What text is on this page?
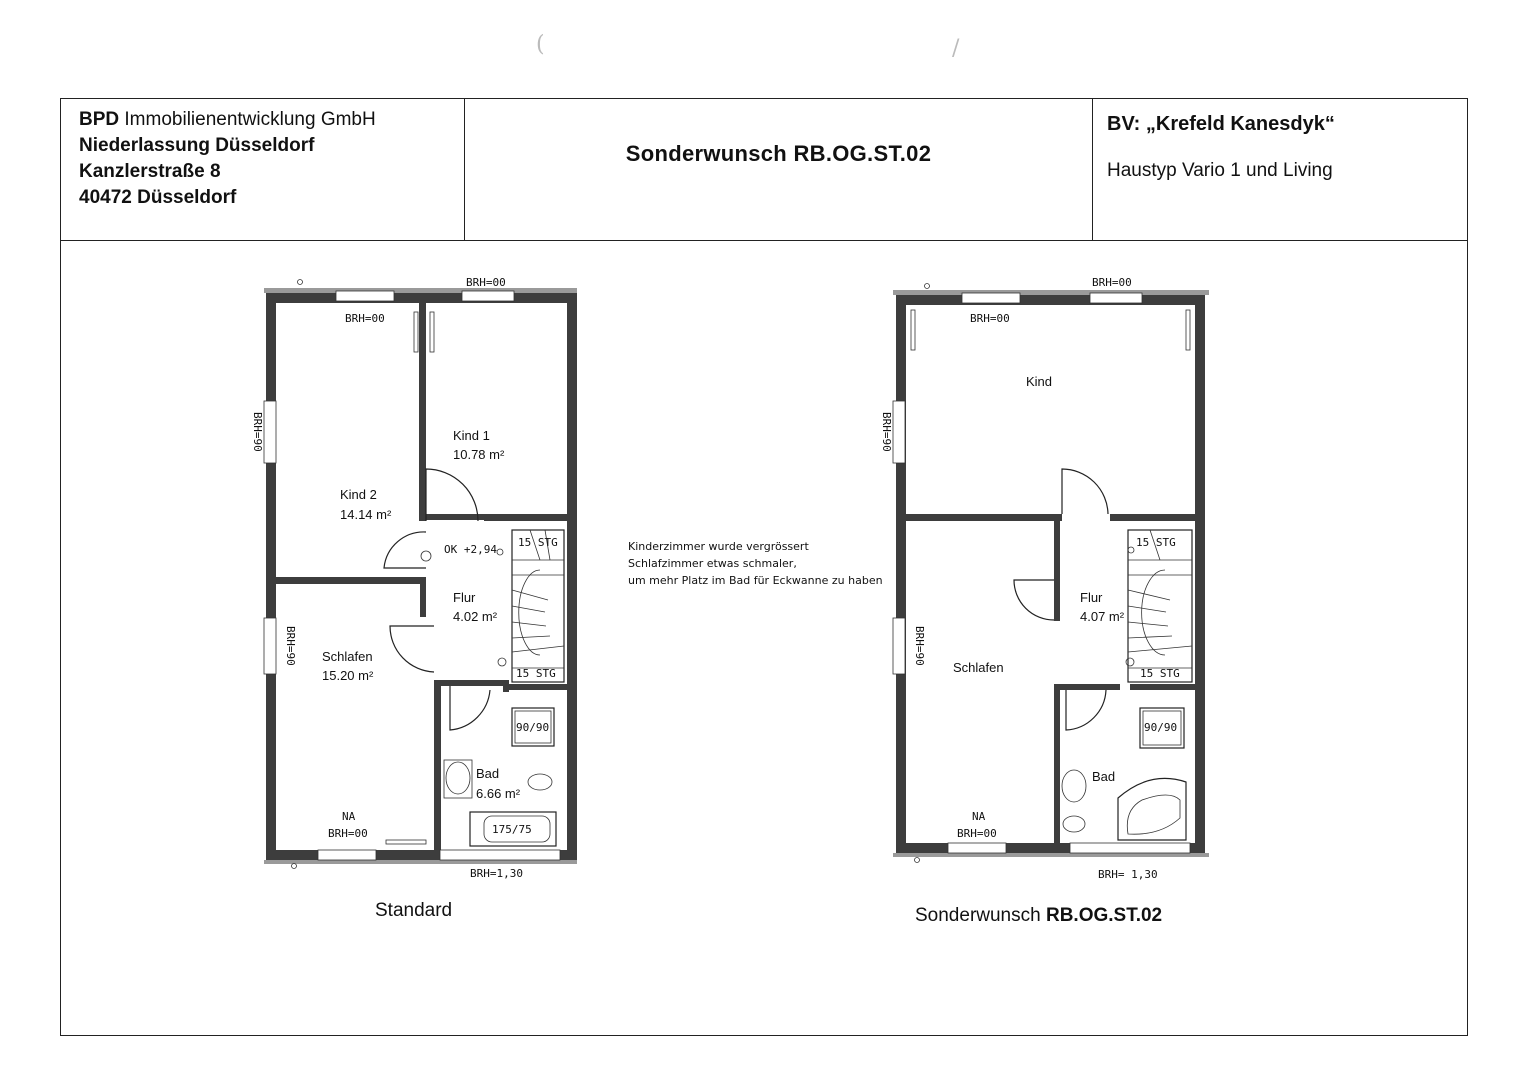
(	/
BPD Immobilienentwicklung GmbH
Niederlassung Düsseldorf
Kanzlerstraße 8
40472 Düsseldorf
Sonderwunsch RB.OG.ST.02
BV: „Krefeld Kanesdyk“
Haustyp Vario 1 und Living
Kind 2
14.14 m²
Kind 1
10.78 m²
Flur
4.02 m²
Schlafen
15.20 m²
Bad
6.66 m²
BRH=00
BRH=00
BRH=90
BRH=90
NA
BRH=00
BRH=1,30
OK +2,94
15 STG
15 STG
90/90
175/75
Kind
Flur
4.07 m²
Schlafen
Bad
BRH=00
BRH=00
BRH=90
BRH=90
NA
BRH=00
BRH= 1,30
15 STG
15 STG
90/90
Kinderzimmer wurde vergrössert
Schlafzimmer etwas schmaler,
um mehr Platz im Bad für Eckwanne zu haben
Standard	Sonderwunsch RB.OG.ST.02
